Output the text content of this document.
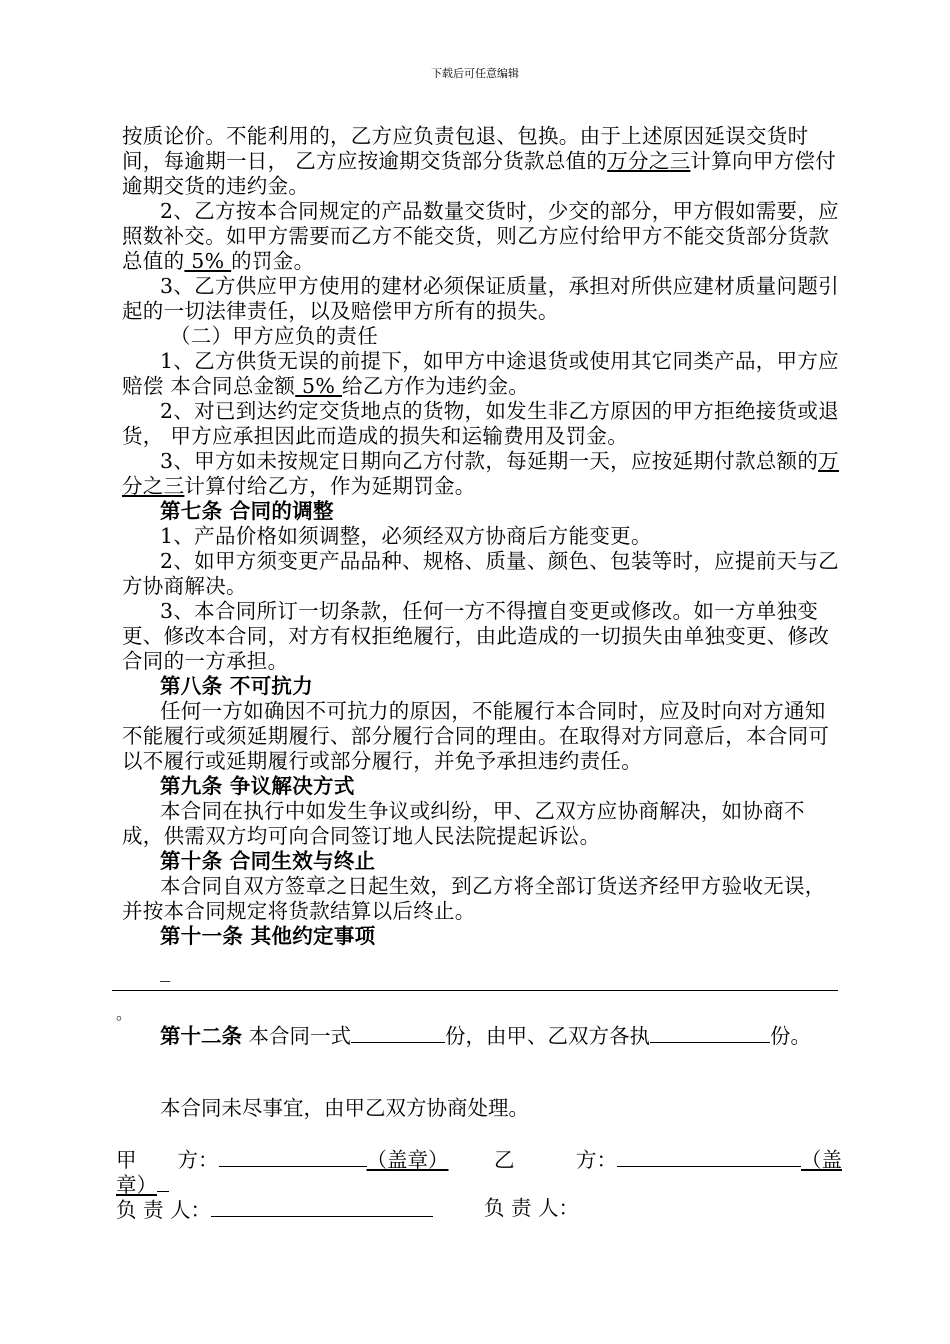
下载后可任意编辑

按质论价。不能利用的，乙方应负责包退、包换。由于上述原因延误交货时间，每逾期一日， 乙方应按逾期交货部分货款总值的万分之三计算向甲方偿付逾期交货的违约金。

2、乙方按本合同规定的产品数量交货时，少交的部分，甲方假如需要，应照数补交。如甲方需要而乙方不能交货，则乙方应付给甲方不能交货部分货款总值的 5% 的罚金。

3、乙方供应甲方使用的建材必须保证质量，承担对所供应建材质量问题引起的一切法律责任，以及赔偿甲方所有的损失。

（二）甲方应负的责任

1、乙方供货无误的前提下，如甲方中途退货或使用其它同类产品，甲方应赔偿 本合同总金额 5% 给乙方作为违约金。

2、对已到达约定交货地点的货物，如发生非乙方原因的甲方拒绝接货或退货， 甲方应承担因此而造成的损失和运输费用及罚金。

3、甲方如未按规定日期向乙方付款，每延期一天，应按延期付款总额的万分之三计算付给乙方，作为延期罚金。

第七条 合同的调整

1、产品价格如须调整，必须经双方协商后方能变更。

2、如甲方须变更产品品种、规格、质量、颜色、包装等时，应提前天与乙方协商解决。

3、本合同所订一切条款，任何一方不得擅自变更或修改。如一方单独变更、修改本合同，对方有权拒绝履行，由此造成的一切损失由单独变更、修改合同的一方承担。

第八条 不可抗力

任何一方如确因不可抗力的原因，不能履行本合同时，应及时向对方通知不能履行或须延期履行、部分履行合同的理由。在取得对方同意后，本合同可以不履行或延期履行或部分履行，并免予承担违约责任。

第九条 争议解决方式

本合同在执行中如发生争议或纠纷，甲、乙双方应协商解决，如协商不成，供需双方均可向合同签订地人民法院提起诉讼。

第十条 合同生效与终止

本合同自双方签章之日起生效，到乙方将全部订货送齐经甲方验收无误，并按本合同规定将货款结算以后终止。

第十一条 其他约定事项

_
。
第十二条 本合同一式	份，由甲、乙双方各执	份。
本合同未尽事宜，由甲乙双方协商处理。
甲　　方：	（盖章） 乙　　　方：	（盖
章）
负 责 人：	负 责 人：
